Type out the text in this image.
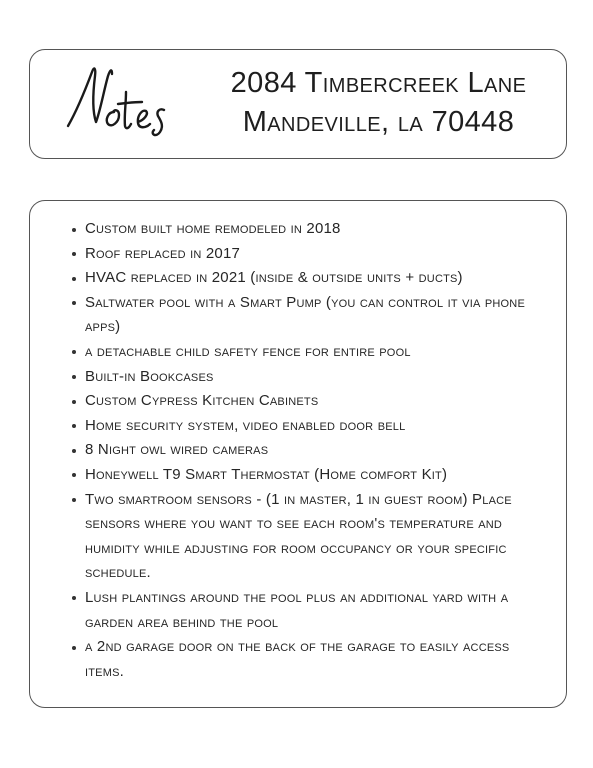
2084 Timbercreek Lane
Mandeville, la 70448
Custom built home remodeled in 2018
Roof replaced in 2017
HVAC replaced in 2021 (inside & outside units + ducts)
Saltwater pool with a Smart Pump (you can control it via phone apps)
a detachable child safety fence for entire pool
Built-in Bookcases
Custom Cypress Kitchen Cabinets
Home security system, video enabled door bell
8 Night owl wired cameras
Honeywell T9 Smart Thermostat (Home comfort Kit)
Two smartroom sensors - (1 in master, 1 in guest room) Place sensors where you want to see each room's temperature and humidity while adjusting for room occupancy or your specific schedule.
Lush plantings around the pool plus an additional yard with a garden area behind the pool
a 2nd garage door on the back of the garage to easily access items.
